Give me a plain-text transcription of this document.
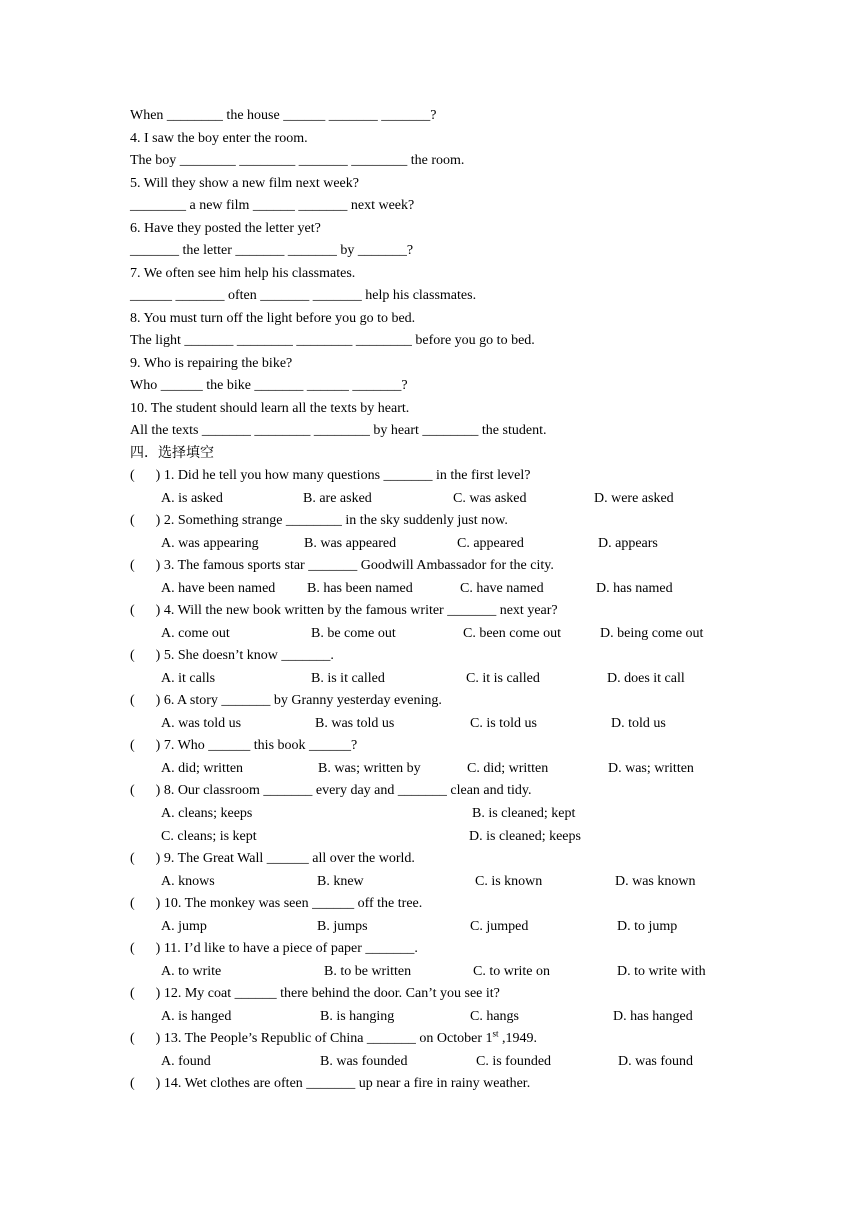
When ________ the house ______ _______ _______?
4. I saw the boy enter the room.
The boy ________ ________ _______ ________ the room.
5. Will they show a new film next week?
________ a new film ______ _______ next week?
6. Have they posted the letter yet?
_______ the letter _______ _______ by _______?
7. We often see him help his classmates.
______ _______ often _______ _______ help his classmates.
8. You must turn off the light before you go to bed.
The light _______ ________ ________ ________ before you go to bed.
9. Who is repairing the bike?
Who ______ the bike _______ ______ _______?
10. The student should learn all the texts by heart.
All the texts _______ ________ ________ by heart ________ the student.
四．选择填空
(      ) 1. Did he tell you how many questions _______ in the first level?
A. is asked	B. are asked	C. was asked	D. were asked
(      ) 2. Something strange ________ in the sky suddenly just now.
A. was appearing	B. was appeared	C. appeared	D. appears
(      ) 3. The famous sports star _______ Goodwill Ambassador for the city.
A. have been named B. has been named	C. have named	D. has named
(      ) 4. Will the new book written by the famous writer _______ next year?
A. come out	B. be come out	C. been come out	D. being come out
(      ) 5. She doesn’t know _______.
A. it calls	B. is it called	C. it is called	D. does it call
(      ) 6. A story _______ by Granny yesterday evening.
A. was told us	B. was told us	C. is told us	D. told us
(      ) 7. Who ______ this book ______?
A. did; written	B. was; written by	C. did; written	D. was; written
(      ) 8. Our classroom _______ every day and _______ clean and tidy.
A. cleans; keeps	B. is cleaned; kept
C. cleans; is kept	D. is cleaned; keeps
(      ) 9. The Great Wall ______ all over the world.
A. knows	B. knew	C. is known	D. was known
(      ) 10. The monkey was seen ______ off the tree.
A. jump	B. jumps	C. jumped	D. to jump
(      ) 11. I’d like to have a piece of paper _______.
A. to write	B. to be written	C. to write on	D. to write with
(      ) 12. My coat ______ there behind the door. Can’t you see it?
A. is hanged	B. is hanging	C. hangs	D. has hanged
(      ) 13. The People’s Republic of China _______ on October 1st ,1949.
A. found	B. was founded	C. is founded	D. was found
(      ) 14. Wet clothes are often _______ up near a fire in rainy weather.
